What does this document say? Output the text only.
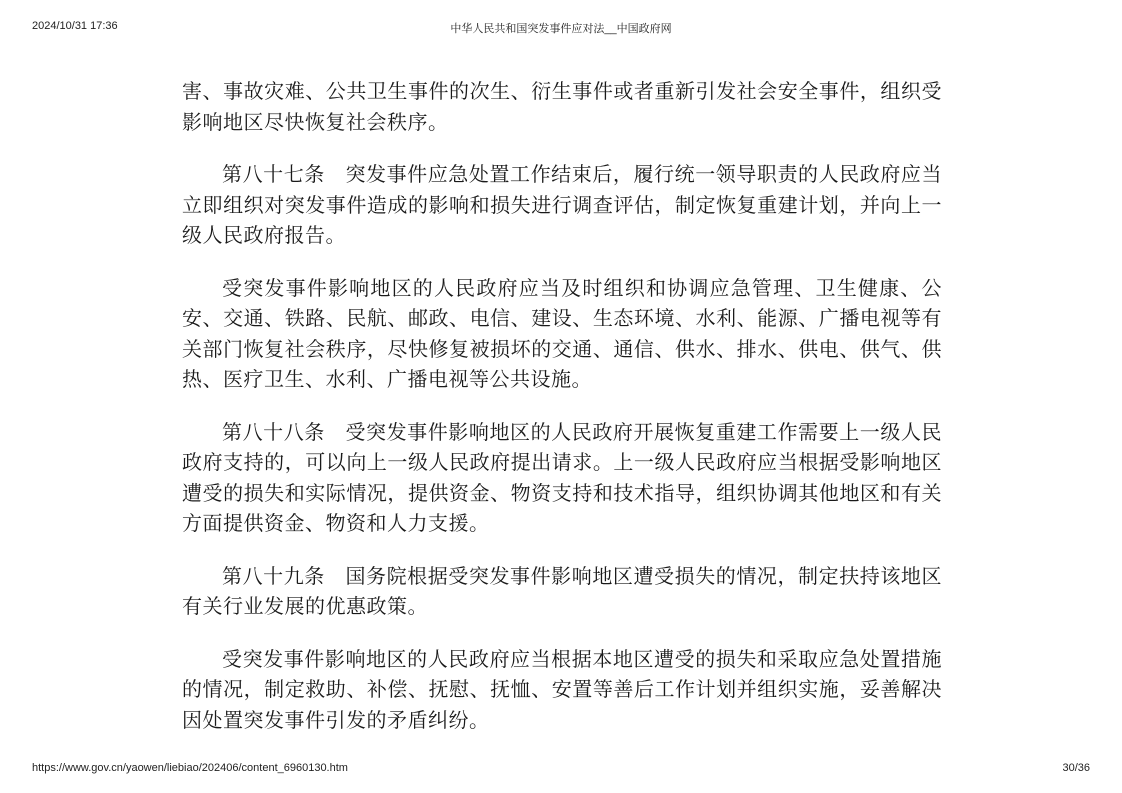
2024/10/31 17:36	中华人民共和国突发事件应对法__中国政府网

害、事故灾难、公共卫生事件的次生、衍生事件或者重新引发社会安全事件，组织受影响地区尽快恢复社会秩序。

第八十七条　突发事件应急处置工作结束后，履行统一领导职责的人民政府应当立即组织对突发事件造成的影响和损失进行调查评估，制定恢复重建计划，并向上一级人民政府报告。

受突发事件影响地区的人民政府应当及时组织和协调应急管理、卫生健康、公安、交通、铁路、民航、邮政、电信、建设、生态环境、水利、能源、广播电视等有关部门恢复社会秩序，尽快修复被损坏的交通、通信、供水、排水、供电、供气、供热、医疗卫生、水利、广播电视等公共设施。

第八十八条　受突发事件影响地区的人民政府开展恢复重建工作需要上一级人民政府支持的，可以向上一级人民政府提出请求。上一级人民政府应当根据受影响地区遭受的损失和实际情况，提供资金、物资支持和技术指导，组织协调其他地区和有关方面提供资金、物资和人力支援。

第八十九条　国务院根据受突发事件影响地区遭受损失的情况，制定扶持该地区有关行业发展的优惠政策。

受突发事件影响地区的人民政府应当根据本地区遭受的损失和采取应急处置措施的情况，制定救助、补偿、抚慰、抚恤、安置等善后工作计划并组织实施，妥善解决因处置突发事件引发的矛盾纠纷。

https://www.gov.cn/yaowen/liebiao/202406/content_6960130.htm	30/36
